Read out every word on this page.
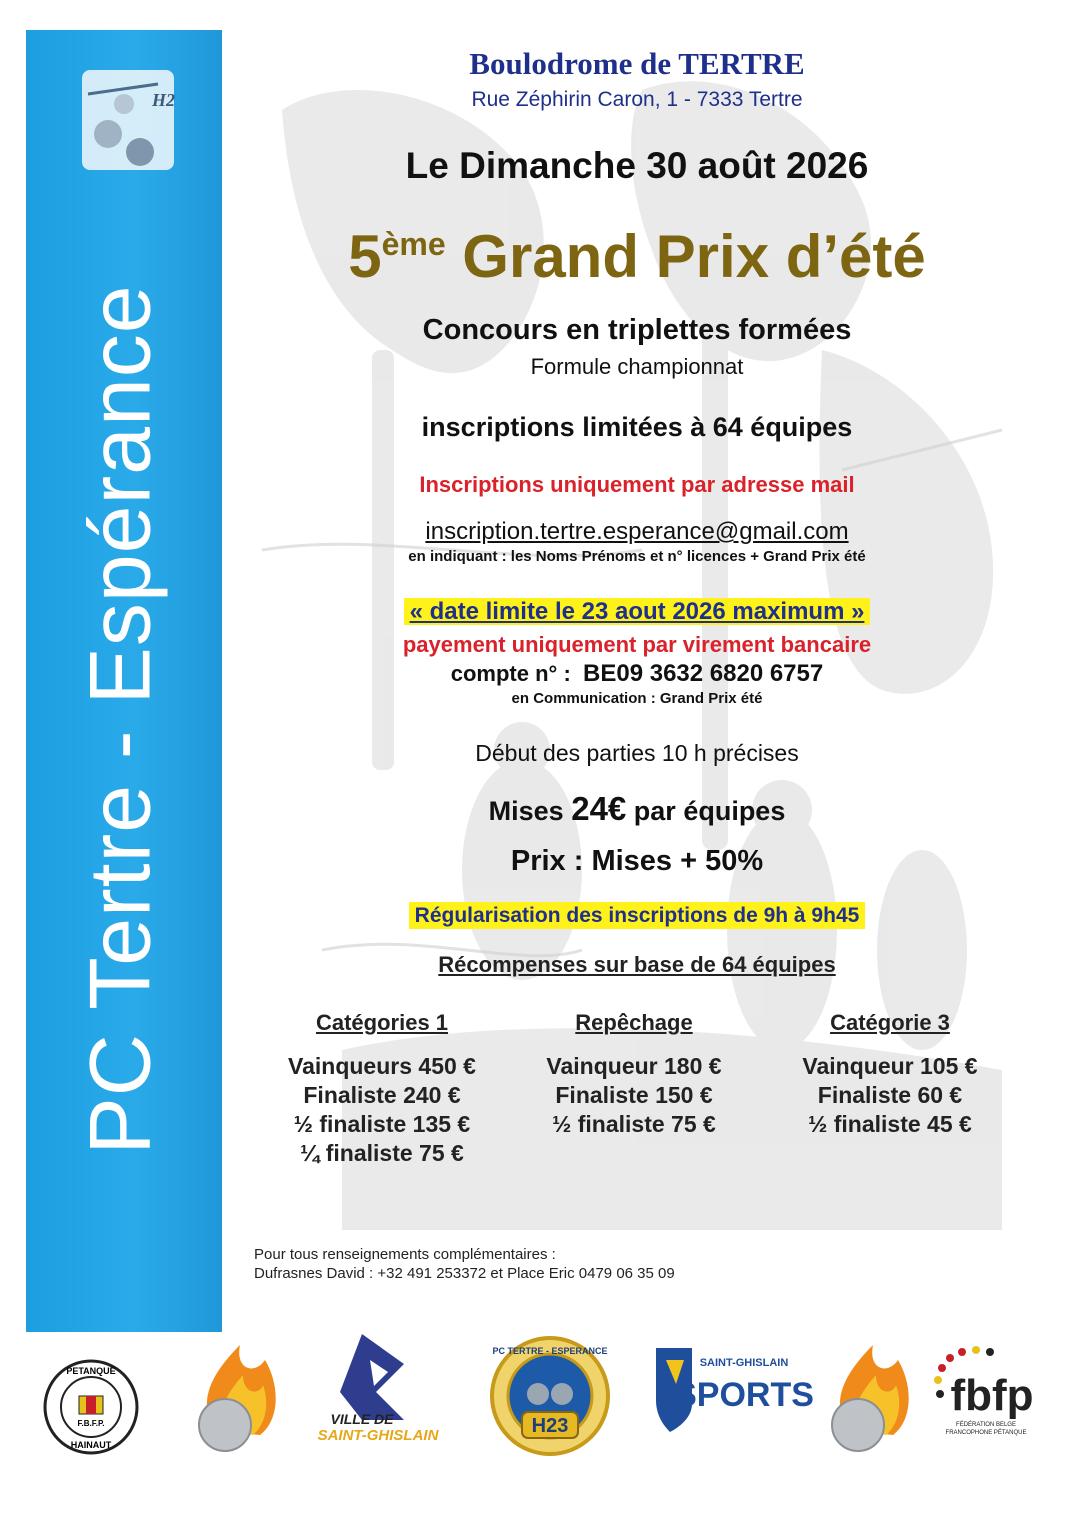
H2
PC Tertre - Espérance
Boulodrome de TERTRE
Rue Zéphirin Caron, 1 - 7333 Tertre
Le Dimanche 30 août 2026
5ème Grand Prix d’été
Concours en triplettes formées
Formule championnat
inscriptions limitées à 64 équipes
Inscriptions uniquement par adresse mail
inscription.tertre.esperance@gmail.com
en indiquant : les Noms Prénoms et n° licences + Grand Prix été
« date limite le 23 aout 2026 maximum »
payement uniquement par virement bancaire
compte n° : BE09 3632 6820 6757
en Communication : Grand Prix été
Début des parties 10 h précises
Mises 24€ par équipes
Prix : Mises + 50%
Régularisation des inscriptions de 9h à 9h45
Récompenses sur base de 64 équipes
Catégories 1
Vainqueurs 450 €
Finaliste 240 €
½ finaliste 135 €
¼ finaliste 75 €
Repêchage
Vainqueur 180 €
Finaliste 150 €
½ finaliste 75 €
Catégorie 3
Vainqueur 105 €
Finaliste 60 €
½ finaliste 45 €
Pour tous renseignements complémentaires :
Dufrasnes David : +32 491 253372 et Place Eric 0479 06 35 09
PETANQUE
F.B.F.P.
HAINAUT
VILLE DE
SAINT-GHISLAIN	H23
PC TERTRE - ESPERANCE
SAINT-GHISLAIN
SPORTS	fbfp
FÉDÉRATION BELGE
FRANCOPHONE PÉTANQUE
